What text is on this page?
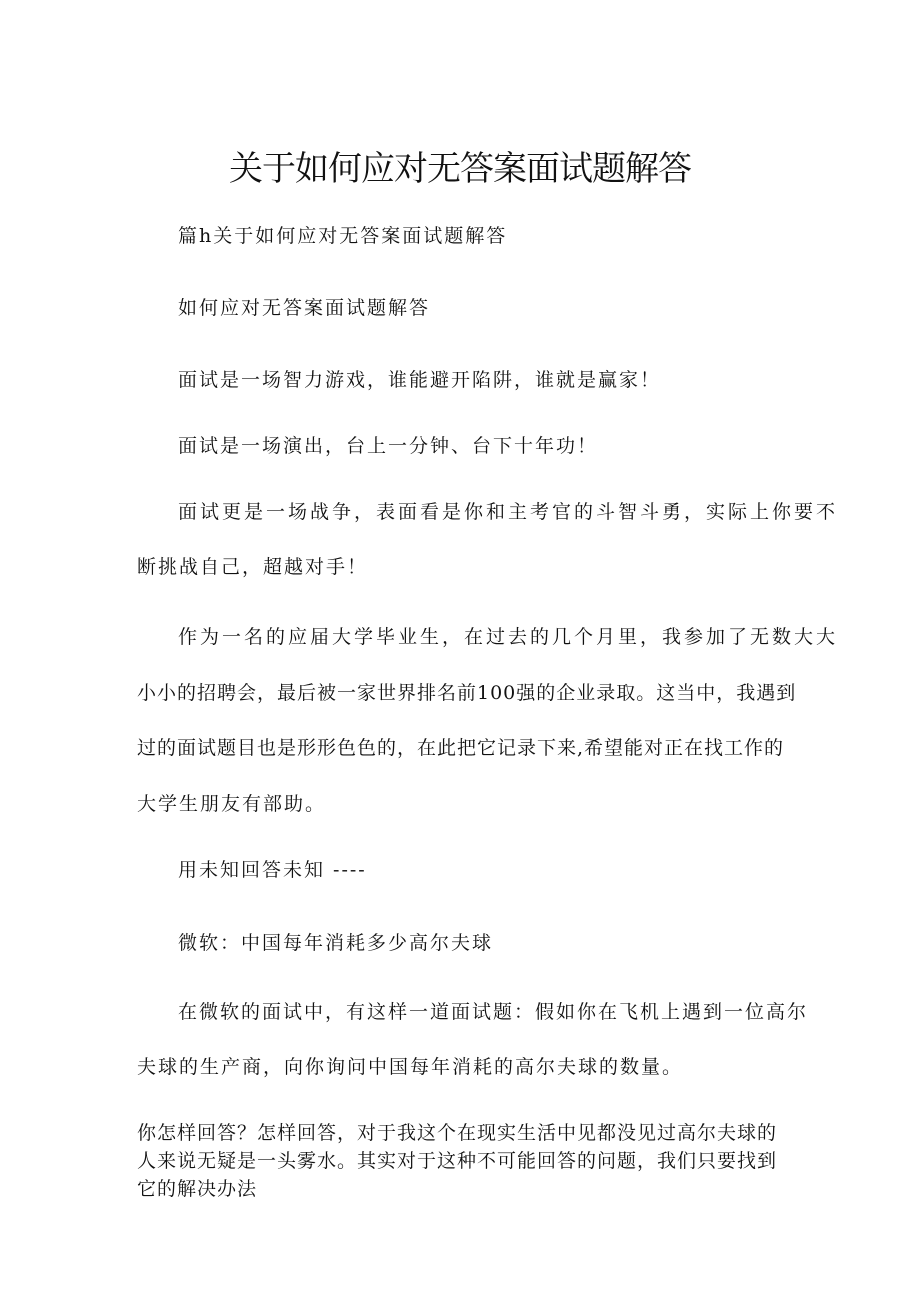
关于如何应对无答案面试题解答

篇h关于如何应对无答案面试题解答

如何应对无答案面试题解答

面试是一场智力游戏，谁能避开陷阱，谁就是赢家！

面试是一场演出，台上一分钟、台下十年功！

面试更是一场战争，表面看是你和主考官的斗智斗勇，实际上你要不

断挑战自己，超越对手！

作为一名的应届大学毕业生，在过去的几个月里，我参加了无数大大

小小的招聘会，最后被一家世界排名前100强的企业录取。这当中，我遇到

过的面试题目也是形形色色的，在此把它记录下来,希望能对正在找工作的

大学生朋友有部助。

用未知回答未知 ----

微软：中国每年消耗多少高尔夫球

在微软的面试中，有这样一道面试题：假如你在飞机上遇到一位高尔

夫球的生产商，向你询问中国每年消耗的高尔夫球的数量。

你怎样回答？怎样回答，对于我这个在现实生活中见都没见过高尔夫球的人来说无疑是一头雾水。其实对于这种不可能回答的问题，我们只要找到它的解决办法
